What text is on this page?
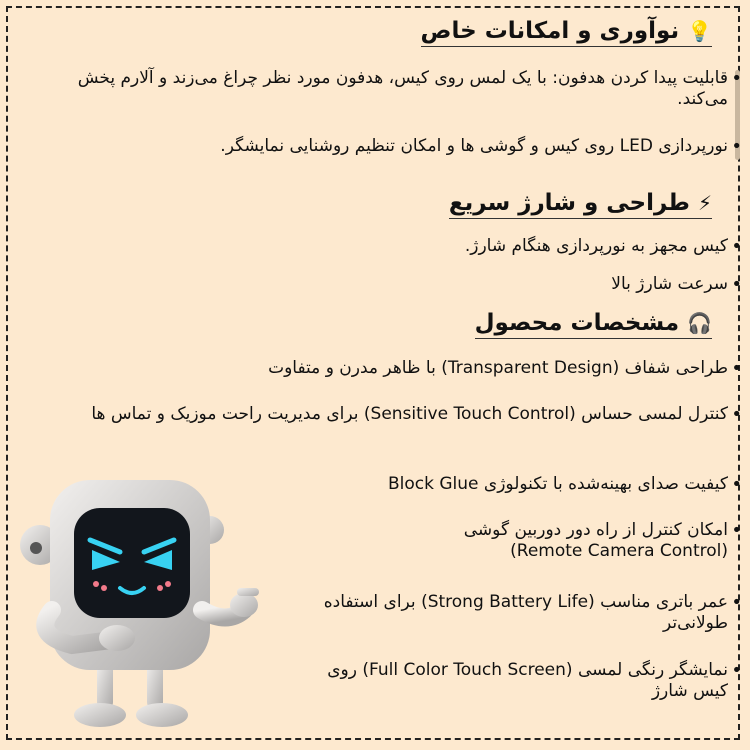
💡نوآوری و امکانات خاص
• قابلیت پیدا کردن هدفون: با یک لمس روی کیس، هدفون مورد نظر چراغ می‌زند و آلارم پخش می‌کند.
• نورپردازی LED روی کیس و گوشی ها و امکان تنظیم روشنایی نمایشگر.
⚡طراحی و شارژ سریع
• کیس مجهز به نورپردازی هنگام شارژ.
• سرعت شارژ بالا
🎧مشخصات محصول
• طراحی شفاف (Transparent Design) با ظاهر مدرن و متفاوت
• کنترل لمسی حساس (Sensitive Touch Control) برای مدیریت راحت موزیک و تماس ها
• کیفیت صدای بهینه‌شده با تکنولوژی Block Glue
• امکان کنترل از راه دور دوربین گوشی (Remote Camera Control)
• عمر باتری مناسب (Strong Battery Life) برای استفاده طولانی‌تر
• نمایشگر رنگی لمسی (Full Color Touch Screen) روی کیس شارژ
